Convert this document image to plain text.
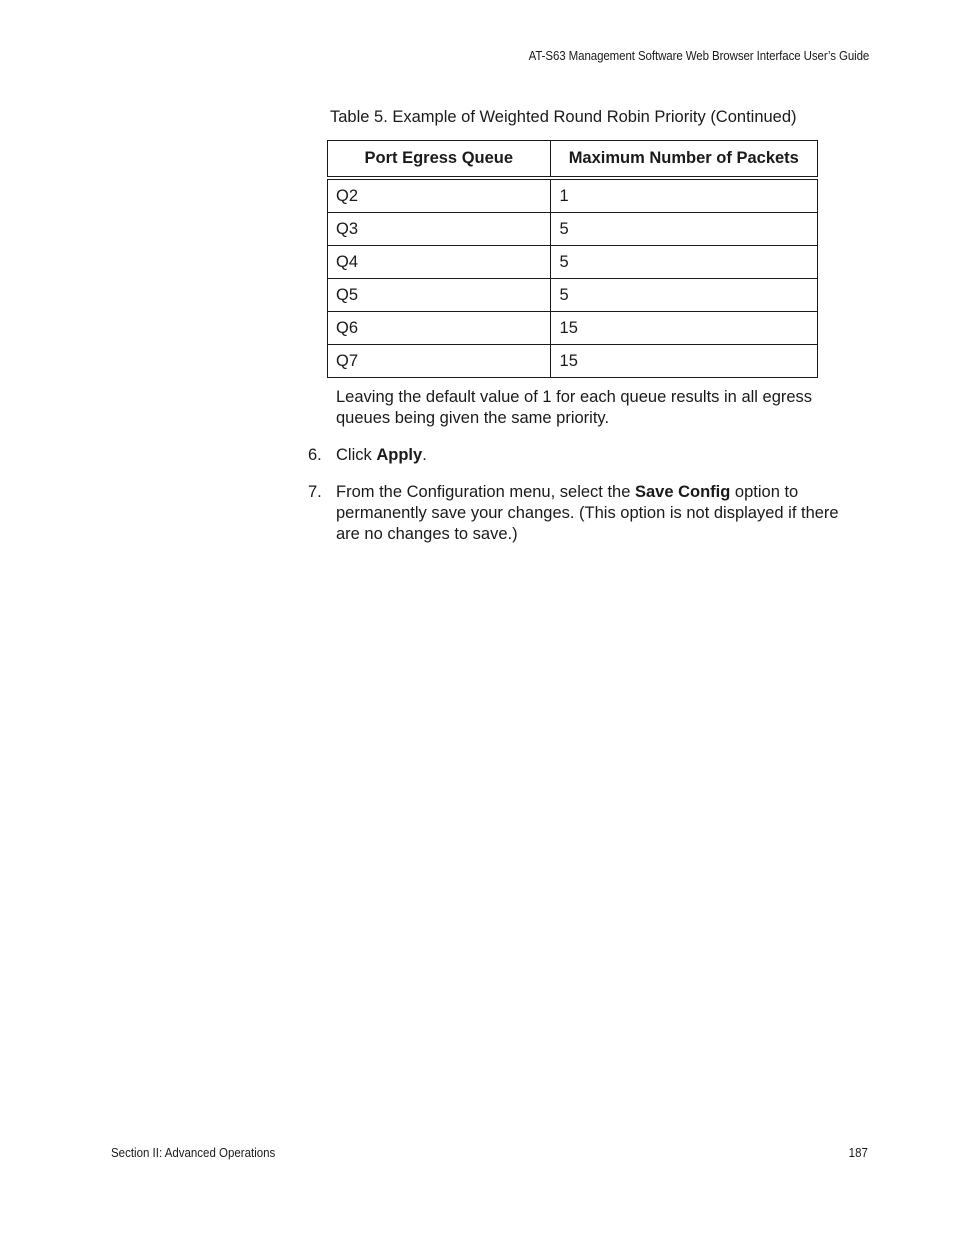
AT-S63 Management Software Web Browser Interface User’s Guide
Table 5. Example of Weighted Round Robin Priority (Continued)
Port Egress Queue	Maximum Number of Packets
Q2	1
Q3	5
Q4	5
Q5	5
Q6	15
Q7	15
Leaving the default value of 1 for each queue results in all egress queues being given the same priority.
6. Click Apply.
7. From the Configuration menu, select the Save Config option to permanently save your changes. (This option is not displayed if there are no changes to save.)
Section II: Advanced Operations	187
